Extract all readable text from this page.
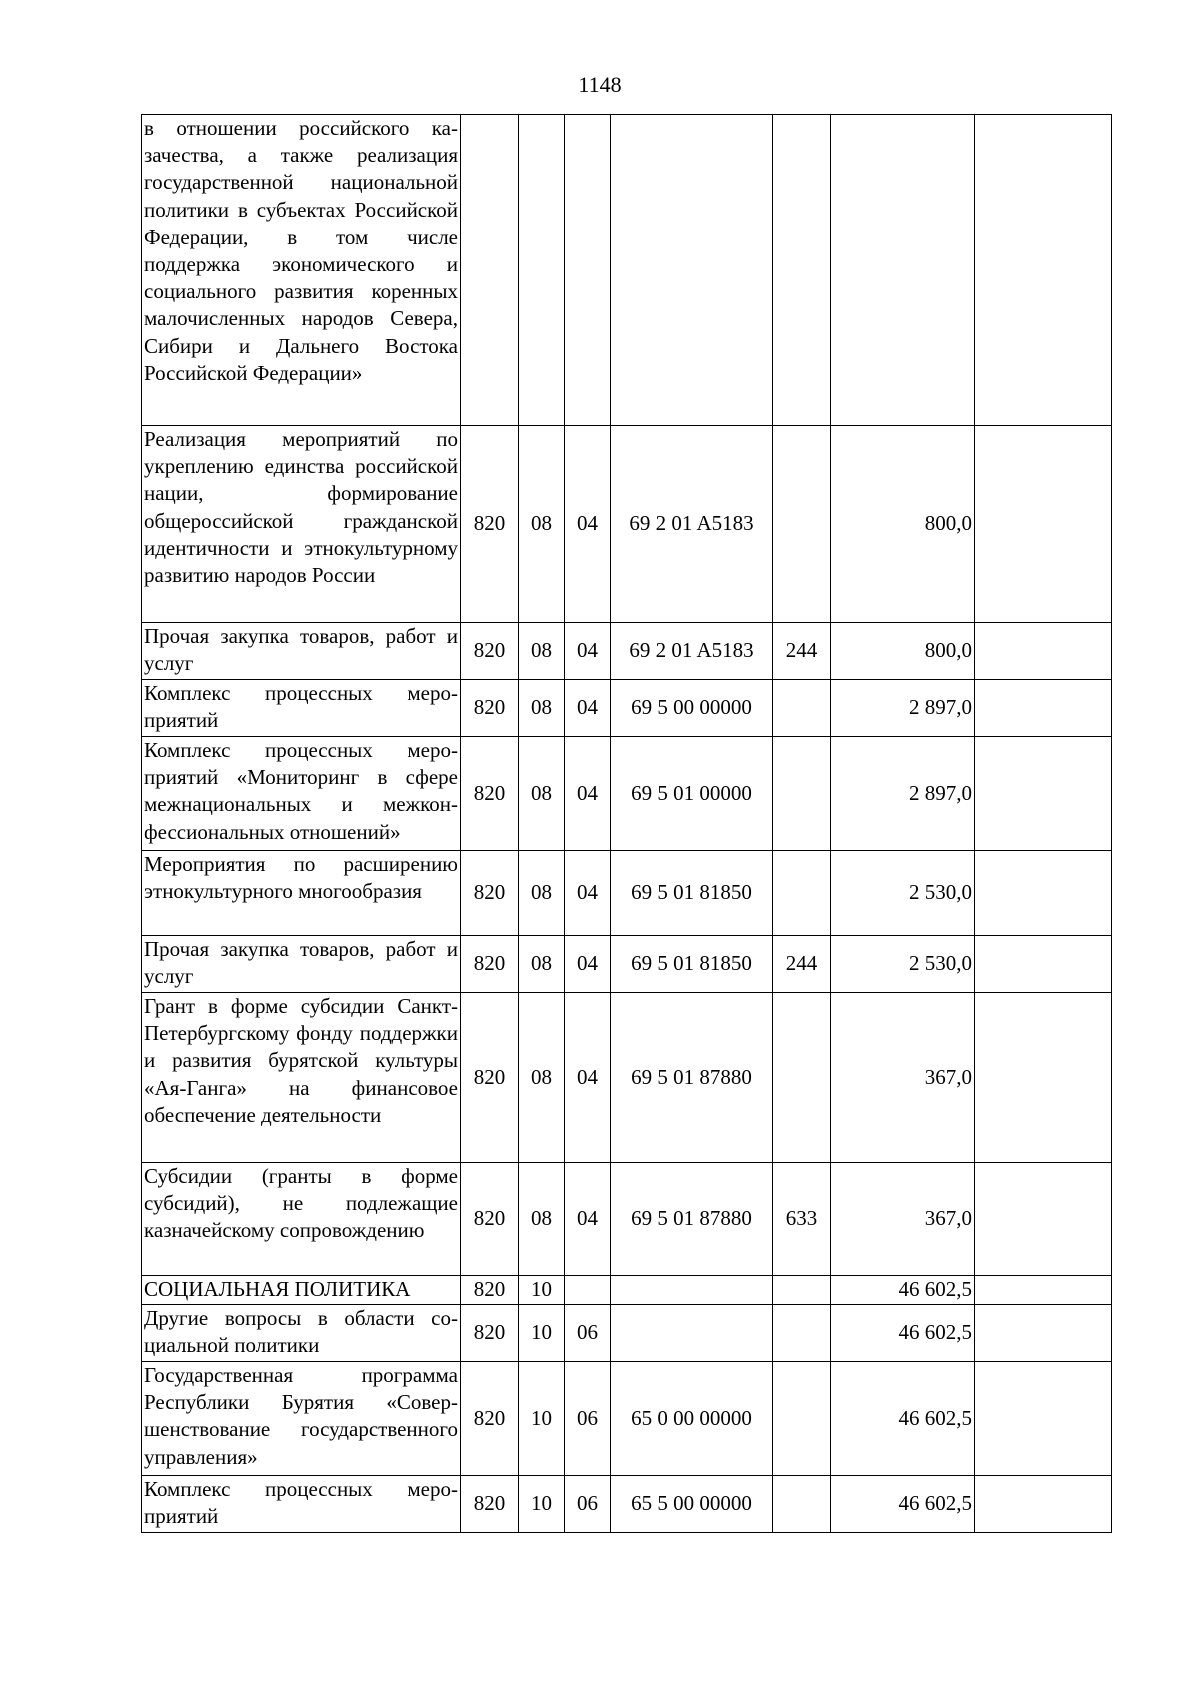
1148
в отношении российского казачества, а также реализация государственной национальной политики в субъектах Российской Федерации, в том числе поддержка экономического и социального развития коренных малочисленных народов Севера, Сибири и Дальнего Востока Российской Федерации»							
Реализация мероприятий по укреплению единства российской нации, формирование общероссийской гражданской идентичности и этнокультурному развитию народов России	820	08	04	69 2 01 A5183		800,0	
Прочая закупка товаров, работ и услуг	820	08	04	69 2 01 A5183	244	800,0	
Комплекс процессных мероприятий	820	08	04	69 5 00 00000		2 897,0	
Комплекс процессных мероприятий «Мониторинг в сфере межнациональных и межконфессиональных отношений»	820	08	04	69 5 01 00000		2 897,0	
Мероприятия по расширению этнокультурного многообразия	820	08	04	69 5 01 81850		2 530,0	
Прочая закупка товаров, работ и услуг	820	08	04	69 5 01 81850	244	2 530,0	
Грант в форме субсидии Санкт-Петербургскому фонду поддержки и развития бурятской культуры «Ая-Ганга» на финансовое обеспечение деятельности	820	08	04	69 5 01 87880		367,0	
Субсидии (гранты в форме субсидий), не подлежащие казначейскому сопровождению	820	08	04	69 5 01 87880	633	367,0	
СОЦИАЛЬНАЯ ПОЛИТИКА	820	10				46 602,5	
Другие вопросы в области социальной политики	820	10	06			46 602,5	
Государственная программа Республики Бурятия «Совершенствование государственного управления»	820	10	06	65 0 00 00000		46 602,5	
Комплекс процессных мероприятий	820	10	06	65 5 00 00000		46 602,5	
